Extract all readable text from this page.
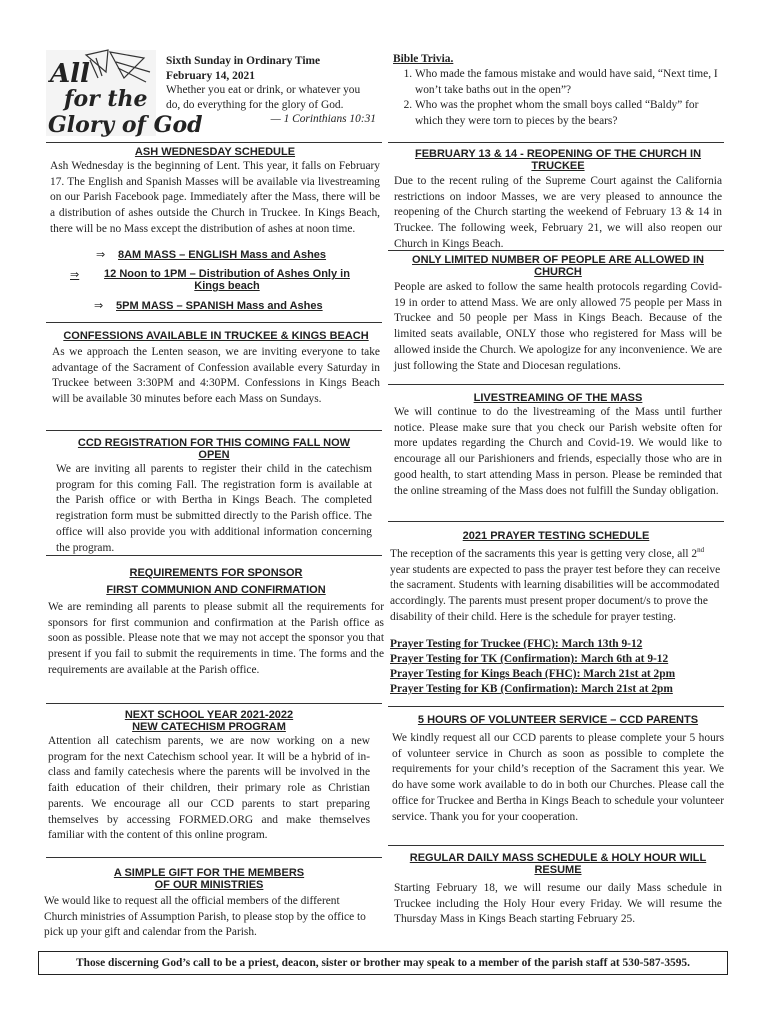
All
for the
Glory of God
Sixth Sunday in Ordinary Time
February 14, 2021
Whether you eat or drink, or whatever you do, do everything for the glory of God.
— 1 Corinthians 10:31
Bible Trivia.
1. Who made the famous mistake and would have said, “Next time, I won’t take baths out in the open”?
2. Who was the prophet whom the small boys called “Baldy” for which they were torn to pieces by the bears?

ASH WEDNESDAY SCHEDULE

Ash Wednesday is the beginning of Lent. This year, it falls on February 17. The English and Spanish Masses will be available via livestreaming on our Parish Facebook page. Immediately after the Mass, there will be a distribution of ashes outside the Church in Truckee. In Kings Beach, there will be no Mass except the distribution of ashes at noon time.

⇒ 8AM MASS – ENGLISH Mass and Ashes
⇒	12 Noon to 1PM – Distribution of Ashes Only in Kings beach
⇒ 5PM MASS – SPANISH Mass and Ashes

CONFESSIONS AVAILABLE IN TRUCKEE & KINGS BEACH

As we approach the Lenten season, we are inviting everyone to take advantage of the Sacrament of Confession available every Saturday in Truckee between 3:30PM and 4:30PM. Confessions in Kings Beach will be available 30 minutes before each Mass on Sundays.

CCD REGISTRATION FOR THIS COMING FALL NOW OPEN

We are inviting all parents to register their child in the catechism program for this coming Fall. The registration form is available at the Parish office or with Bertha in Kings Beach. The completed registration form must be submitted directly to the Parish office. The office will also provide you with additional information concerning the program.

REQUIREMENTS FOR SPONSOR

FIRST COMMUNION AND CONFIRMATION

We are reminding all parents to please submit all the requirements for sponsors for first communion and confirmation at the Parish office as soon as possible. Please note that we may not accept the sponsor you that present if you fail to submit the requirements in time. The forms and the requirements are available at the Parish office.

NEXT SCHOOL YEAR 2021-2022

NEW CATECHISM PROGRAM

Attention all catechism parents, we are now working on a new program for the next Catechism school year. It will be a hybrid of in-class and family catechesis where the parents will be involved in the faith education of their children, their primary role as Christian parents. We encourage all our CCD parents to start preparing themselves by accessing FORMED.ORG and make themselves familiar with the content of this online program.

A SIMPLE GIFT FOR THE MEMBERS

OF OUR MINISTRIES

We would like to request all the official members of the different Church ministries of Assumption Parish, to please stop by the office to pick up your gift and calendar from the Parish.

FEBRUARY 13 & 14 - REOPENING OF THE CHURCH IN TRUCKEE

Due to the recent ruling of the Supreme Court against the California restrictions on indoor Masses, we are very pleased to announce the reopening of the Church starting the weekend of February 13 & 14 in Truckee. The following week, February 21, we will also reopen our Church in Kings Beach.

ONLY LIMITED NUMBER OF PEOPLE ARE ALLOWED IN CHURCH

People are asked to follow the same health protocols regarding Covid-19 in order to attend Mass. We are only allowed 75 people per Mass in Truckee and 50 people per Mass in Kings Beach. Because of the limited seats available, ONLY those who registered for Mass will be allowed inside the Church. We apologize for any inconvenience. We are just following the State and Diocesan regulations.

LIVESTREAMING OF THE MASS

We will continue to do the livestreaming of the Mass until further notice. Please make sure that you check our Parish website often for more updates regarding the Church and Covid-19. We would like to encourage all our Parishioners and friends, especially those who are in good health, to start attending Mass in person. Please be reminded that the online streaming of the Mass does not fulfill the Sunday obligation.

2021 PRAYER TESTING SCHEDULE

The reception of the sacraments this year is getting very close, all 2nd year students are expected to pass the prayer test before they can receive the sacrament. Students with learning disabilities will be accommodated accordingly. The parents must present proper document/s to prove the disability of their child. Here is the schedule for prayer testing.

Prayer Testing for Truckee (FHC): March 13th 9-12

Prayer Testing for TK (Confirmation): March 6th at 9-12

Prayer Testing for Kings Beach (FHC): March 21st at 2pm

Prayer Testing for KB (Confirmation): March 21st at 2pm

5 HOURS OF VOLUNTEER SERVICE – CCD PARENTS

We kindly request all our CCD parents to please complete your 5 hours of volunteer service in Church as soon as possible to complete the requirements for your child’s reception of the Sacrament this year. We do have some work available to do in both our Churches. Please call the office for Truckee and Bertha in Kings Beach to schedule your volunteer service. Thank you for your cooperation.

REGULAR DAILY MASS SCHEDULE & HOLY HOUR WILL RESUME

Starting February 18, we will resume our daily Mass schedule in Truckee including the Holy Hour every Friday. We will resume the Thursday Mass in Kings Beach starting February 25.

Those discerning God’s call to be a priest, deacon, sister or brother may speak to a member of the parish staff at 530-587-3595.
